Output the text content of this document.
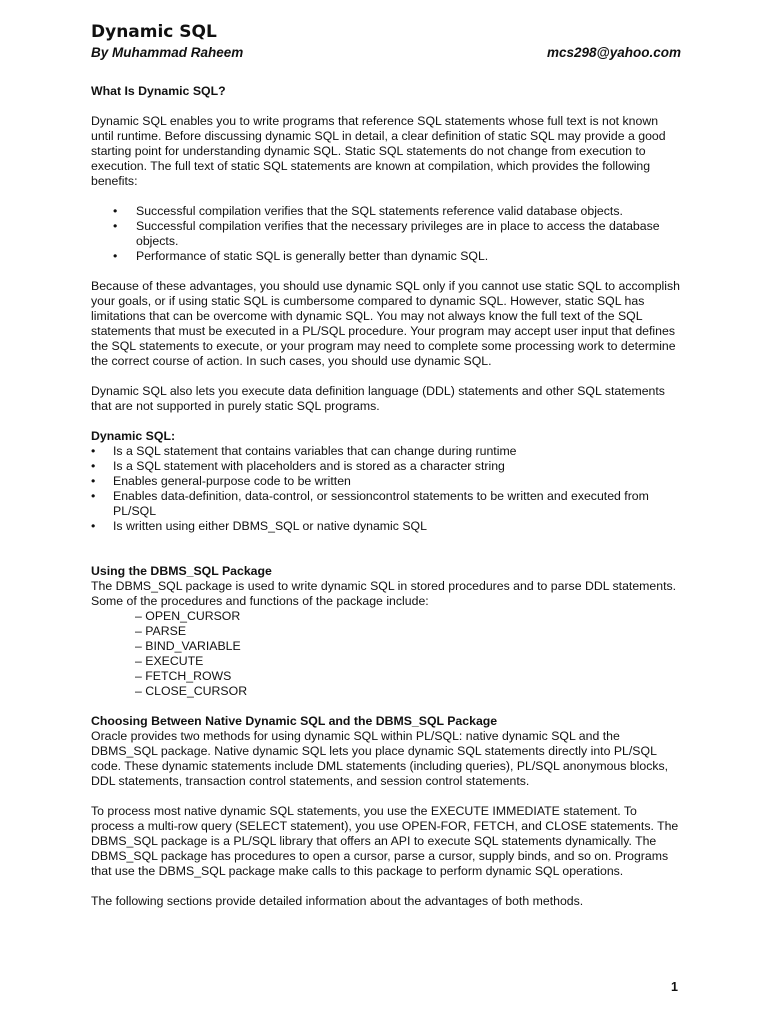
Dynamic SQL
By Muhammad Raheem	mcs298@yahoo.com
What Is Dynamic SQL?

Dynamic SQL enables you to write programs that reference SQL statements whose full text is not known until runtime. Before discussing dynamic SQL in detail, a clear definition of static SQL may provide a good starting point for understanding dynamic SQL. Static SQL statements do not change from execution to execution. The full text of static SQL statements are known at compilation, which provides the following benefits:

• Successful compilation verifies that the SQL statements reference valid database objects.
• Successful compilation verifies that the necessary privileges are in place to access the database objects.
• Performance of static SQL is generally better than dynamic SQL.

Because of these advantages, you should use dynamic SQL only if you cannot use static SQL to accomplish your goals, or if using static SQL is cumbersome compared to dynamic SQL. However, static SQL has limitations that can be overcome with dynamic SQL. You may not always know the full text of the SQL statements that must be executed in a PL/SQL procedure. Your program may accept user input that defines the SQL statements to execute, or your program may need to complete some processing work to determine the correct course of action. In such cases, you should use dynamic SQL.

Dynamic SQL also lets you execute data definition language (DDL) statements and other SQL statements that are not supported in purely static SQL programs.

Dynamic SQL:
• Is a SQL statement that contains variables that can change during runtime
• Is a SQL statement with placeholders and is stored as a character string
• Enables general-purpose code to be written
• Enables data-definition, data-control, or sessioncontrol statements to be written and executed from PL/SQL
• Is written using either DBMS_SQL or native dynamic SQL
Using the DBMS_SQL Package

The DBMS_SQL package is used to write dynamic SQL in stored procedures and to parse DDL statements.

Some of the procedures and functions of the package include:

– OPEN_CURSOR
– PARSE
– BIND_VARIABLE
– EXECUTE
– FETCH_ROWS
– CLOSE_CURSOR
Choosing Between Native Dynamic SQL and the DBMS_SQL Package

Oracle provides two methods for using dynamic SQL within PL/SQL: native dynamic SQL and the DBMS_SQL package. Native dynamic SQL lets you place dynamic SQL statements directly into PL/SQL code. These dynamic statements include DML statements (including queries), PL/SQL anonymous blocks, DDL statements, transaction control statements, and session control statements.

To process most native dynamic SQL statements, you use the EXECUTE IMMEDIATE statement. To process a multi-row query (SELECT statement), you use OPEN-FOR, FETCH, and CLOSE statements. The DBMS_SQL package is a PL/SQL library that offers an API to execute SQL statements dynamically. The DBMS_SQL package has procedures to open a cursor, parse a cursor, supply binds, and so on. Programs that use the DBMS_SQL package make calls to this package to perform dynamic SQL operations.

The following sections provide detailed information about the advantages of both methods.

1
